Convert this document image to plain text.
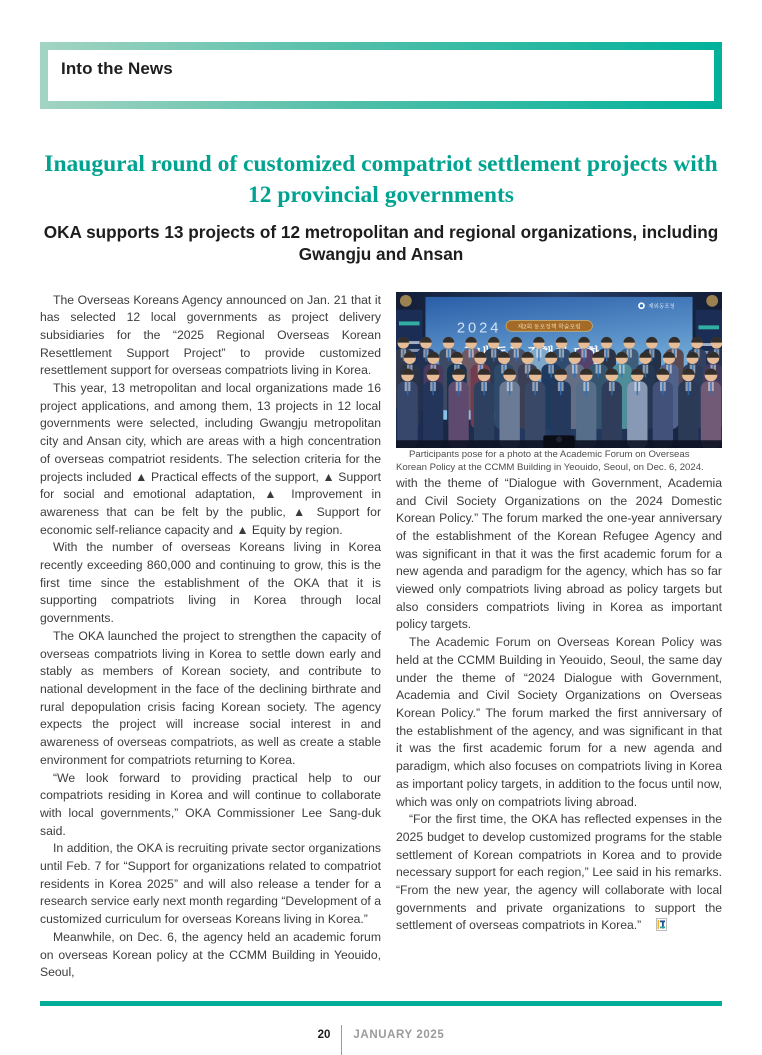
Into the News
Inaugural round of customized compatriot settlement projects with 12 provincial governments
OKA supports 13 projects of 12 metropolitan and regional organizations, including Gwangju and Ansan

The Overseas Koreans Agency announced on Jan. 21 that it has selected 12 local governments as project delivery subsidiaries for the “2025 Regional Overseas Korean Resettlement Support Project” to provide customized resettlement support for overseas compatriots living in Korea.

This year, 13 metropolitan and local organizations made 16 project applications, and among them, 13 projects in 12 local governments were selected, including Gwangju metropolitan city and Ansan city, which are areas with a high concentration of overseas compatriot residents. The selection criteria for the projects included ▲ Practical effects of the support, ▲ Support for social and emotional adaptation, ▲ Improvement in awareness that can be felt by the public, ▲ Support for economic self-reliance capacity and ▲ Equity by region.

With the number of overseas Koreans living in Korea recently exceeding 860,000 and continuing to grow, this is the first time since the establishment of the OKA that it is supporting compatriots living in Korea through local governments.

The OKA launched the project to strengthen the capacity of overseas compatriots living in Korea to settle down early and stably as members of Korean society, and contribute to national development in the face of the declining birthrate and rural depopulation crisis facing Korean society. The agency expects the project will increase social interest in and awareness of overseas compatriots, as well as create a stable environment for compatriots returning to Korea.

“We look forward to providing practical help to our compatriots residing in Korea and will continue to collaborate with local governments,” OKA Commissioner Lee Sang-duk said.

In addition, the OKA is recruiting private sector organizations until Feb. 7 for “Support for organizations related to compatriot residents in Korea 2025” and will also release a tender for a research service early next month regarding “Development of a customized curriculum for overseas Koreans living in Korea.”

Meanwhile, on Dec. 6, the agency held an academic forum on overseas Korean policy at the CCMM Building in Yeouido, Seoul,

재외동포청
2024	제2회 동포정책 학술포럼
정책에

Participants pose for a photo at the Academic Forum on Overseas Korean Policy at the CCMM Building in Yeouido, Seoul, on Dec. 6, 2024.

with the theme of “Dialogue with Government, Academia and Civil Society Organizations on the 2024 Domestic Korean Policy.” The forum marked the one-year anniversary of the establishment of the Korean Refugee Agency and was significant in that it was the first academic forum for a new agenda and paradigm for the agency, which has so far viewed only compatriots living abroad as policy targets but also considers compatriots living in Korea as important policy targets.

The Academic Forum on Overseas Korean Policy was held at the CCMM Building in Yeouido, Seoul, the same day under the theme of “2024 Dialogue with Government, Academia and Civil Society Organizations on Overseas Korean Policy.” The forum marked the first anniversary of the establishment of the agency, and was significant in that it was the first academic forum for a new agenda and paradigm, which also focuses on compatriots living in Korea as important policy targets, in addition to the focus until now, which was only on compatriots living abroad.

“For the first time, the OKA has reflected expenses in the 2025 budget to develop customized programs for the stable settlement of Korean compatriots in Korea and to provide necessary support for each region,” Lee said in his remarks. “From the new year, the agency will collaborate with local governments and private organizations to support the settlement of overseas compatriots in Korea.”

20 JANUARY 2025
